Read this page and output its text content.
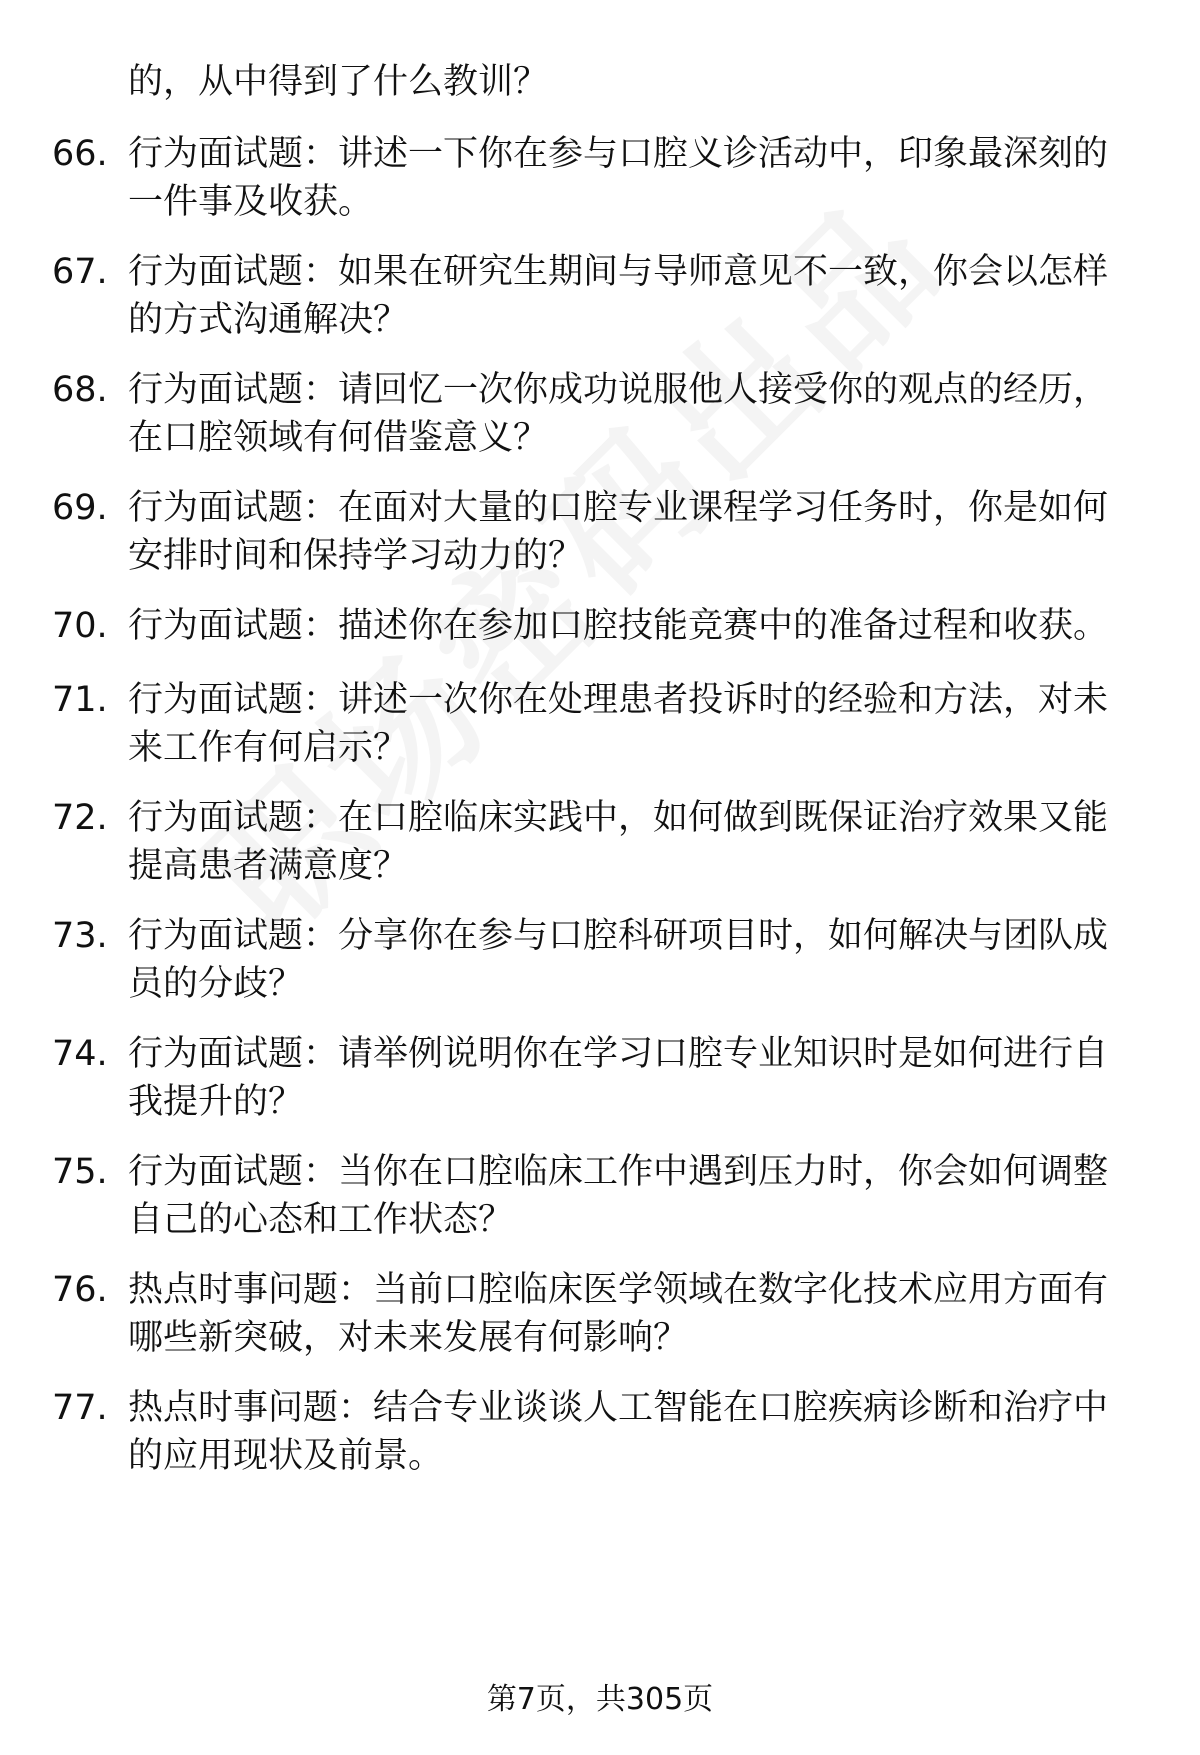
的，从中得到了什么教训？
66. 行为面试题：讲述一下你在参与口腔义诊活动中，印象最深刻的
一件事及收获。
67. 行为面试题：如果在研究生期间与导师意见不一致，你会以怎样
的方式沟通解决？
68. 行为面试题：请回忆一次你成功说服他人接受你的观点的经历，
在口腔领域有何借鉴意义？
69. 行为面试题：在面对大量的口腔专业课程学习任务时，你是如何
安排时间和保持学习动力的？
70. 行为面试题：描述你在参加口腔技能竞赛中的准备过程和收获。
71. 行为面试题：讲述一次你在处理患者投诉时的经验和方法，对未
来工作有何启示？
72. 行为面试题：在口腔临床实践中，如何做到既保证治疗效果又能
提高患者满意度？
73. 行为面试题：分享你在参与口腔科研项目时，如何解决与团队成
员的分歧？
74. 行为面试题：请举例说明你在学习口腔专业知识时是如何进行自
我提升的？
75. 行为面试题：当你在口腔临床工作中遇到压力时，你会如何调整
自己的心态和工作状态？
76. 热点时事问题：当前口腔临床医学领域在数字化技术应用方面有
哪些新突破，对未来发展有何影响？
77. 热点时事问题：结合专业谈谈人工智能在口腔疾病诊断和治疗中
的应用现状及前景。
第7页，共305页
